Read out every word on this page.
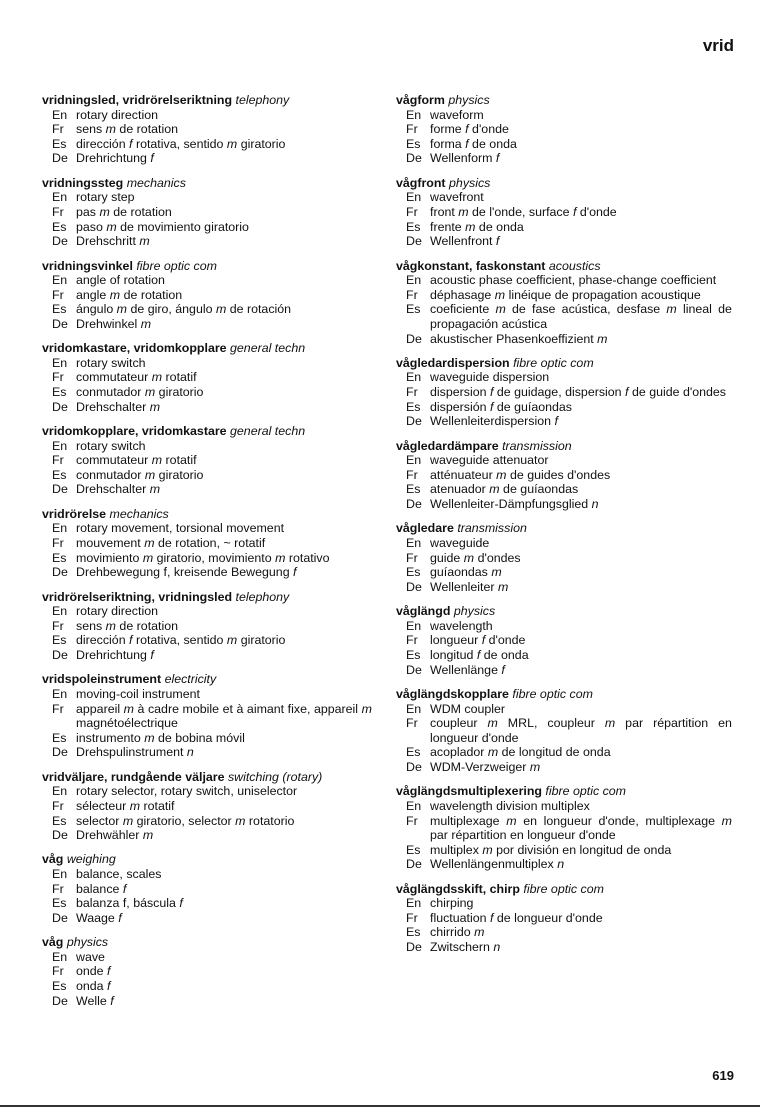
vrid
vridningsled, vridrörelseriktning telephony
En rotary direction
Fr sens m de rotation
Es dirección f rotativa, sentido m giratorio
De Drehrichtung f
vridningssteg mechanics
En rotary step
Fr pas m de rotation
Es paso m de movimiento giratorio
De Drehschritt m
vridningsvinkel fibre optic com
En angle of rotation
Fr angle m de rotation
Es ángulo m de giro, ángulo m de rotación
De Drehwinkel m
vridomkastare, vridomkopplare general techn
En rotary switch
Fr commutateur m rotatif
Es conmutador m giratorio
De Drehschalter m
vridomkopplare, vridomkastare general techn
En rotary switch
Fr commutateur m rotatif
Es conmutador m giratorio
De Drehschalter m
vridrörelse mechanics
En rotary movement, torsional movement
Fr mouvement m de rotation, ~ rotatif
Es movimiento m giratorio, movimiento m rotativo
De Drehbewegung f, kreisende Bewegung f
vridrörelseriktning, vridningsled telephony
En rotary direction
Fr sens m de rotation
Es dirección f rotativa, sentido m giratorio
De Drehrichtung f
vridspoleinstrument electricity
En moving-coil instrument
Fr appareil m à cadre mobile et à aimant fixe, appareil m magnétoélectrique
Es instrumento m de bobina móvil
De Drehspulinstrument n
vridväljare, rundgående väljare switching (rotary)
En rotary selector, rotary switch, uniselector
Fr sélecteur m rotatif
Es selector m giratorio, selector m rotatorio
De Drehwähler m
våg weighing
En balance, scales
Fr balance f
Es balanza f, báscula f
De Waage f
våg physics
En wave
Fr onde f
Es onda f
De Welle f
vågform physics
En waveform
Fr forme f d'onde
Es forma f de onda
De Wellenform f
vågfront physics
En wavefront
Fr front m de l'onde, surface f d'onde
Es frente m de onda
De Wellenfront f
vågkonstant, faskonstant acoustics
En acoustic phase coefficient, phase-change coefficient
Fr déphasage m linéique de propagation acoustique
Es coeficiente m de fase acústica, desfase m lineal de propagación acústica
De akustischer Phasenkoeffizient m
vågledardispersion fibre optic com
En waveguide dispersion
Fr dispersion f de guidage, dispersion f de guide d'ondes
Es dispersión f de guíaondas
De Wellenleiterdispersion f
vågledardämpare transmission
En waveguide attenuator
Fr atténuateur m de guides d'ondes
Es atenuador m de guíaondas
De Wellenleiter-Dämpfungsglied n
vågledare transmission
En waveguide
Fr guide m d'ondes
Es guíaondas m
De Wellenleiter m
våglängd physics
En wavelength
Fr longueur f d'onde
Es longitud f de onda
De Wellenlänge f
våglängdskopplare fibre optic com
En WDM coupler
Fr coupleur m MRL, coupleur m par répartition en longueur d'onde
Es acoplador m de longitud de onda
De WDM-Verzweiger m
våglängdsmultiplexering fibre optic com
En wavelength division multiplex
Fr multiplexage m en longueur d'onde, multiplexage m par répartition en longueur d'onde
Es multiplex m por división en longitud de onda
De Wellenlängenmultiplex n
våglängdsskift, chirp fibre optic com
En chirping
Fr fluctuation f de longueur d'onde
Es chirrido m
De Zwitschern n
619
